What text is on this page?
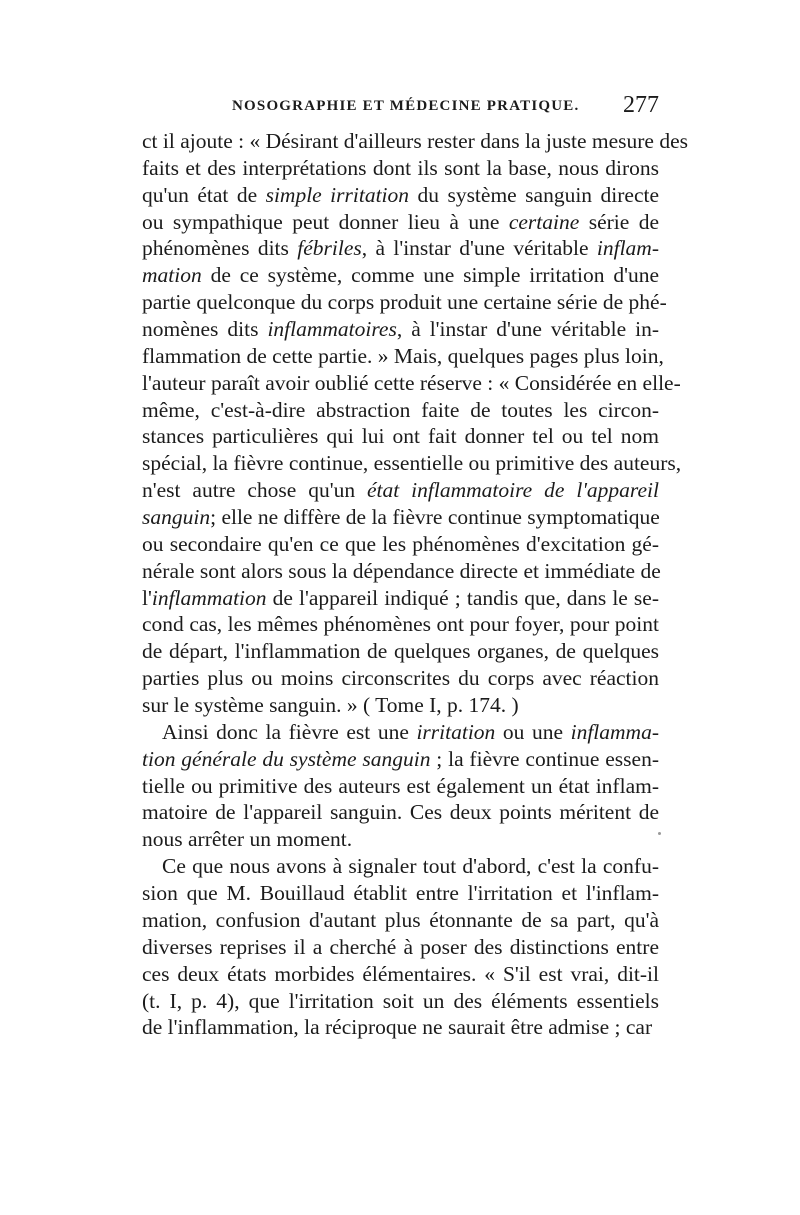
NOSOGRAPHIE ET MÉDECINE PRATIQUE. 277
ct il ajoute : « Désirant d'ailleurs rester dans la juste mesure des
faits et des interprétations dont ils sont la base, nous dirons
qu'un état de simple irritation du système sanguin directe
ou sympathique peut donner lieu à une certaine série de
phénomènes dits fébriles, à l'instar d'une véritable inflam-
mation de ce système, comme une simple irritation d'une
partie quelconque du corps produit une certaine série de phé-
nomènes dits inflammatoires, à l'instar d'une véritable in-
flammation de cette partie. » Mais, quelques pages plus loin,
l'auteur paraît avoir oublié cette réserve : « Considérée en elle-
même, c'est-à-dire abstraction faite de toutes les circon-
stances particulières qui lui ont fait donner tel ou tel nom
spécial, la fièvre continue, essentielle ou primitive des auteurs,
n'est autre chose qu'un état inflammatoire de l'appareil
sanguin; elle ne diffère de la fièvre continue symptomatique
ou secondaire qu'en ce que les phénomènes d'excitation gé-
nérale sont alors sous la dépendance directe et immédiate de
l'inflammation de l'appareil indiqué ; tandis que, dans le se-
cond cas, les mêmes phénomènes ont pour foyer, pour point
de départ, l'inflammation de quelques organes, de quelques
parties plus ou moins circonscrites du corps avec réaction
sur le système sanguin. » ( Tome I, p. 174. )
Ainsi donc la fièvre est une irritation ou une inflamma-
tion générale du système sanguin ; la fièvre continue essen-
tielle ou primitive des auteurs est également un état inflam-
matoire de l'appareil sanguin. Ces deux points méritent de
nous arrêter un moment.
Ce que nous avons à signaler tout d'abord, c'est la confu-
sion que M. Bouillaud établit entre l'irritation et l'inflam-
mation, confusion d'autant plus étonnante de sa part, qu'à
diverses reprises il a cherché à poser des distinctions entre
ces deux états morbides élémentaires. « S'il est vrai, dit-il
(t. I, p. 4), que l'irritation soit un des éléments essentiels
de l'inflammation, la réciproque ne saurait être admise ; car
